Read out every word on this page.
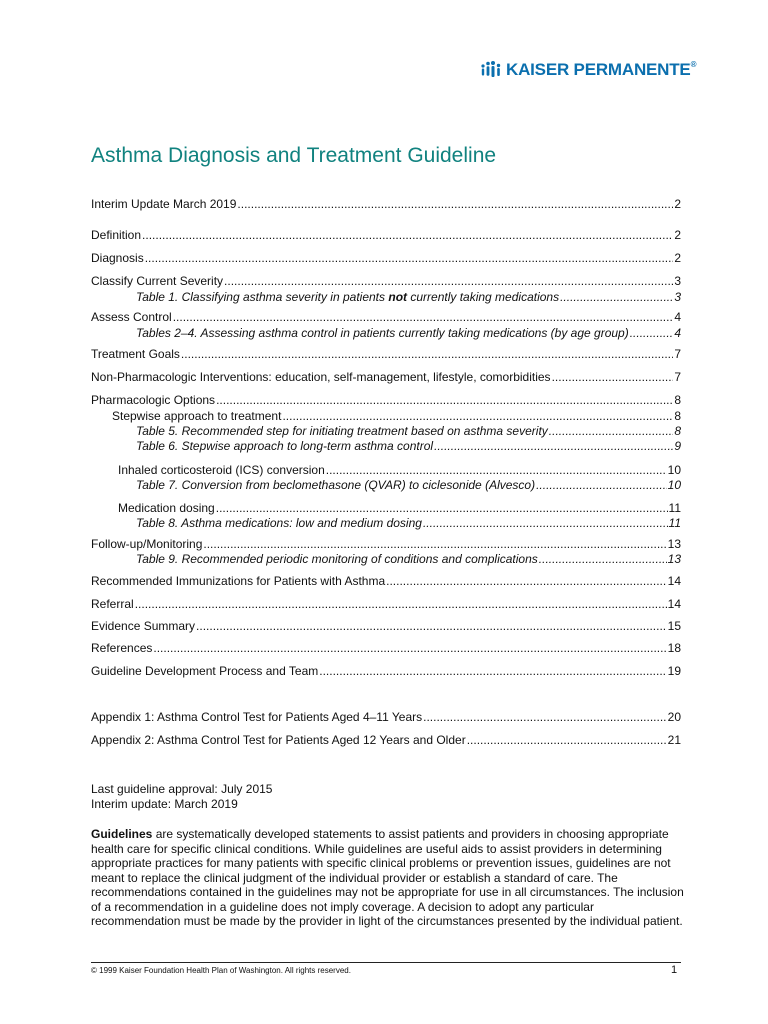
KAISER PERMANENTE®
Asthma Diagnosis and Treatment Guideline
Interim Update March 2019 .....	2
Definition .....	2
Diagnosis .....	2
Classify Current Severity .....	3
Table 1. Classifying asthma severity in patients not currently taking medications .....	3
Assess Control .....	4
Tables 2–4. Assessing asthma control in patients currently taking medications (by age group) .....	4
Treatment Goals .....	7
Non-Pharmacologic Interventions: education, self-management, lifestyle, comorbidities .....	7
Pharmacologic Options .....	8
Stepwise approach to treatment .....	8
Table 5. Recommended step for initiating treatment based on asthma severity .....	8
Table 6. Stepwise approach to long-term asthma control .....	9
Inhaled corticosteroid (ICS) conversion .....	10
Table 7. Conversion from beclomethasone (QVAR) to ciclesonide (Alvesco) .....	10
Medication dosing .....	11
Table 8. Asthma medications: low and medium dosing .....	11
Follow-up/Monitoring .....	13
Table 9. Recommended periodic monitoring of conditions and complications .....	13
Recommended Immunizations for Patients with Asthma .....	14
Referral .....	14
Evidence Summary .....	15
References .....	18
Guideline Development Process and Team .....	19
Appendix 1: Asthma Control Test for Patients Aged 4–11 Years .....	20
Appendix 2: Asthma Control Test for Patients Aged 12 Years and Older .....	21
Last guideline approval: July 2015
Interim update: March 2019

Guidelines are systematically developed statements to assist patients and providers in choosing appropriate health care for specific clinical conditions. While guidelines are useful aids to assist providers in determining appropriate practices for many patients with specific clinical problems or prevention issues, guidelines are not meant to replace the clinical judgment of the individual provider or establish a standard of care. The recommendations contained in the guidelines may not be appropriate for use in all circumstances. The inclusion of a recommendation in a guideline does not imply coverage. A decision to adopt any particular recommendation must be made by the provider in light of the circumstances presented by the individual patient.

© 1999 Kaiser Foundation Health Plan of Washington. All rights reserved.	1
